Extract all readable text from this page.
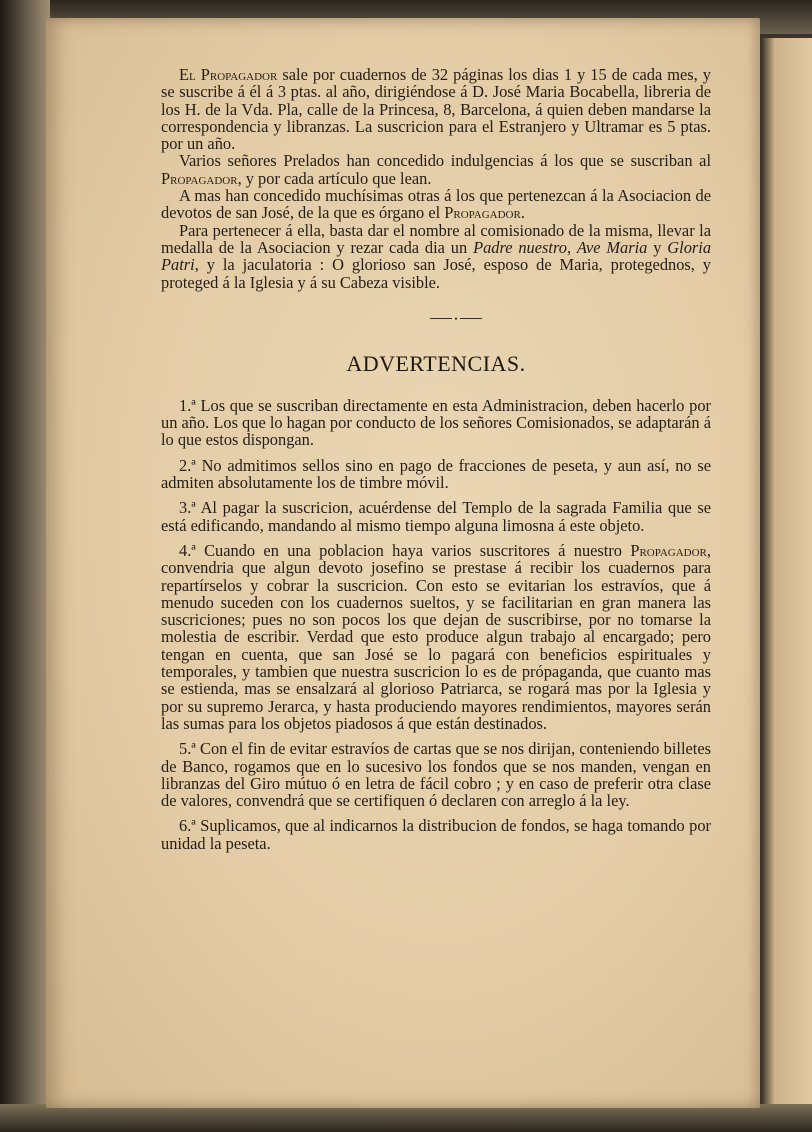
El Propagador sale por cuadernos de 32 páginas los dias 1 y 15 de cada mes, y se suscribe á él á 3 ptas. al año, dirigiéndose á D. José Maria Bocabella, libreria de los H. de la Vda. Pla, calle de la Princesa, 8, Barcelona, á quien deben mandarse la correspondencia y libranzas. La suscricion para el Estranjero y Ultramar es 5 ptas. por un año.

Varios señores Prelados han concedido indulgencias á los que se suscriban al Propagador, y por cada artículo que lean.

A mas han concedido muchísimas otras á los que pertenezcan á la Asociacion de devotos de san José, de la que es órgano el Propagador.

Para pertenecer á ella, basta dar el nombre al comisionado de la misma, llevar la medalla de la Asociacion y rezar cada dia un Padre nuestro, Ave Maria y Gloria Patri, y la jaculatoria : O glorioso san José, esposo de Maria, protegednos, y proteged á la Iglesia y á su Cabeza visible.

•
ADVERTENCIAS.

1.ª Los que se suscriban directamente en esta Administracion, deben hacerlo por un año. Los que lo hagan por conducto de los señores Comisionados, se adaptarán á lo que estos dispongan.

2.ª No admitimos sellos sino en pago de fracciones de peseta, y aun así, no se admiten absolutamente los de timbre móvil.

3.ª Al pagar la suscricion, acuérdense del Templo de la sagrada Familia que se está edificando, mandando al mismo tiempo alguna limosna á este objeto.

4.ª Cuando en una poblacion haya varios suscritores á nuestro Propagador, convendria que algun devoto josefino se prestase á recibir los cuadernos para repartírselos y cobrar la suscricion. Con esto se evitarian los estravíos, que á menudo suceden con los cuadernos sueltos, y se facilitarian en gran manera las suscriciones; pues no son pocos los que dejan de suscribirse, por no tomarse la molestia de escribir. Verdad que esto produce algun trabajo al encargado; pero tengan en cuenta, que san José se lo pagará con beneficios espirituales y temporales, y tambien que nuestra suscricion lo es de própaganda, que cuanto mas se estienda, mas se ensalzará al glorioso Patriarca, se rogará mas por la Iglesia y por su supremo Jerarca, y hasta produciendo mayores rendimientos, mayores serán las sumas para los objetos piadosos á que están destinados.

5.ª Con el fin de evitar estravíos de cartas que se nos dirijan, conteniendo billetes de Banco, rogamos que en lo sucesivo los fondos que se nos manden, vengan en libranzas del Giro mútuo ó en letra de fácil cobro ; y en caso de preferir otra clase de valores, convendrá que se certifiquen ó declaren con arreglo á la ley.

6.ª Suplicamos, que al indicarnos la distribucion de fondos, se haga tomando por unidad la peseta.
